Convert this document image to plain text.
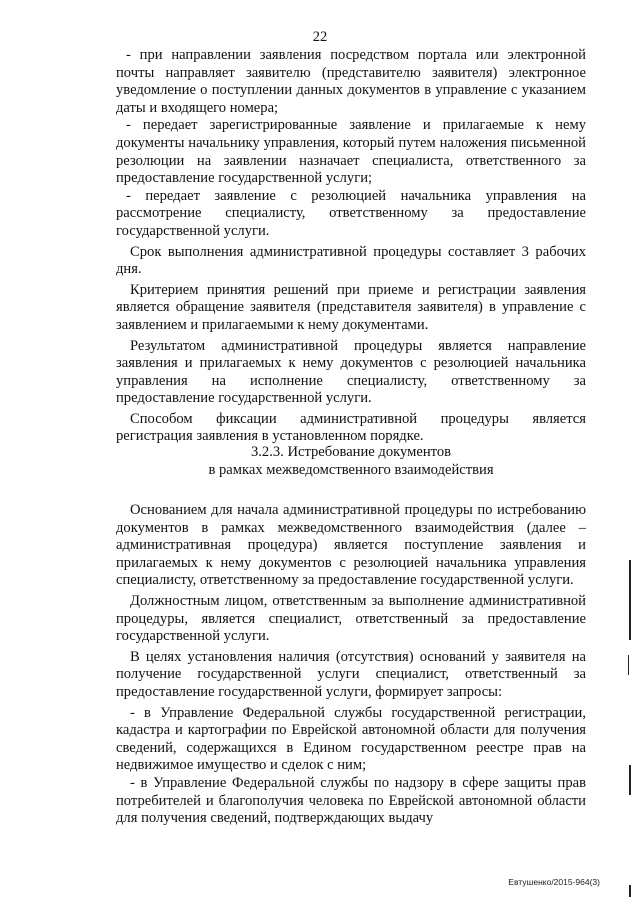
22

- при направлении заявления посредством портала или электронной почты направляет заявителю (представителю заявителя) электронное уведомление о поступлении данных документов в управление с указанием даты и входящего номера;

- передает зарегистрированные заявление и прилагаемые к нему документы начальнику управления, который путем наложения письменной резолюции на заявлении назначает специалиста, ответственного за предоставление государственной услуги;

- передает заявление с резолюцией начальника управления на рассмотрение специалисту, ответственному за предоставление государственной услуги.

Срок выполнения административной процедуры составляет 3 рабочих дня.

Критерием принятия решений при приеме и регистрации заявления является обращение заявителя (представителя заявителя) в управление с заявлением и прилагаемыми к нему документами.

Результатом административной процедуры является направление заявления и прилагаемых к нему документов с резолюцией начальника управления на исполнение специалисту, ответственному за предоставление государственной услуги.

Способом фиксации административной процедуры является регистрация заявления в установленном порядке.

3.2.3. Истребование документов
в рамках межведомственного взаимодействия

Основанием для начала административной процедуры по истребованию документов в рамках межведомственного взаимодействия (далее – административная процедура) является поступление заявления и прилагаемых к нему документов с резолюцией начальника управления специалисту, ответственному за предоставление государственной услуги.

Должностным лицом, ответственным за выполнение административной процедуры, является специалист, ответственный за предоставление государственной услуги.

В целях установления наличия (отсутствия) оснований у заявителя на получение государственной услуги специалист, ответственный за предоставление государственной услуги, формирует запросы:

- в Управление Федеральной службы государственной регистрации, кадастра и картографии по Еврейской автономной области для получения сведений, содержащихся в Едином государственном реестре прав на недвижимое имущество и сделок с ним;

- в Управление Федеральной службы по надзору в сфере защиты прав потребителей и благополучия человека по Еврейской автономной области для получения сведений, подтверждающих выдачу

Евтушенко/2015-964(3)
